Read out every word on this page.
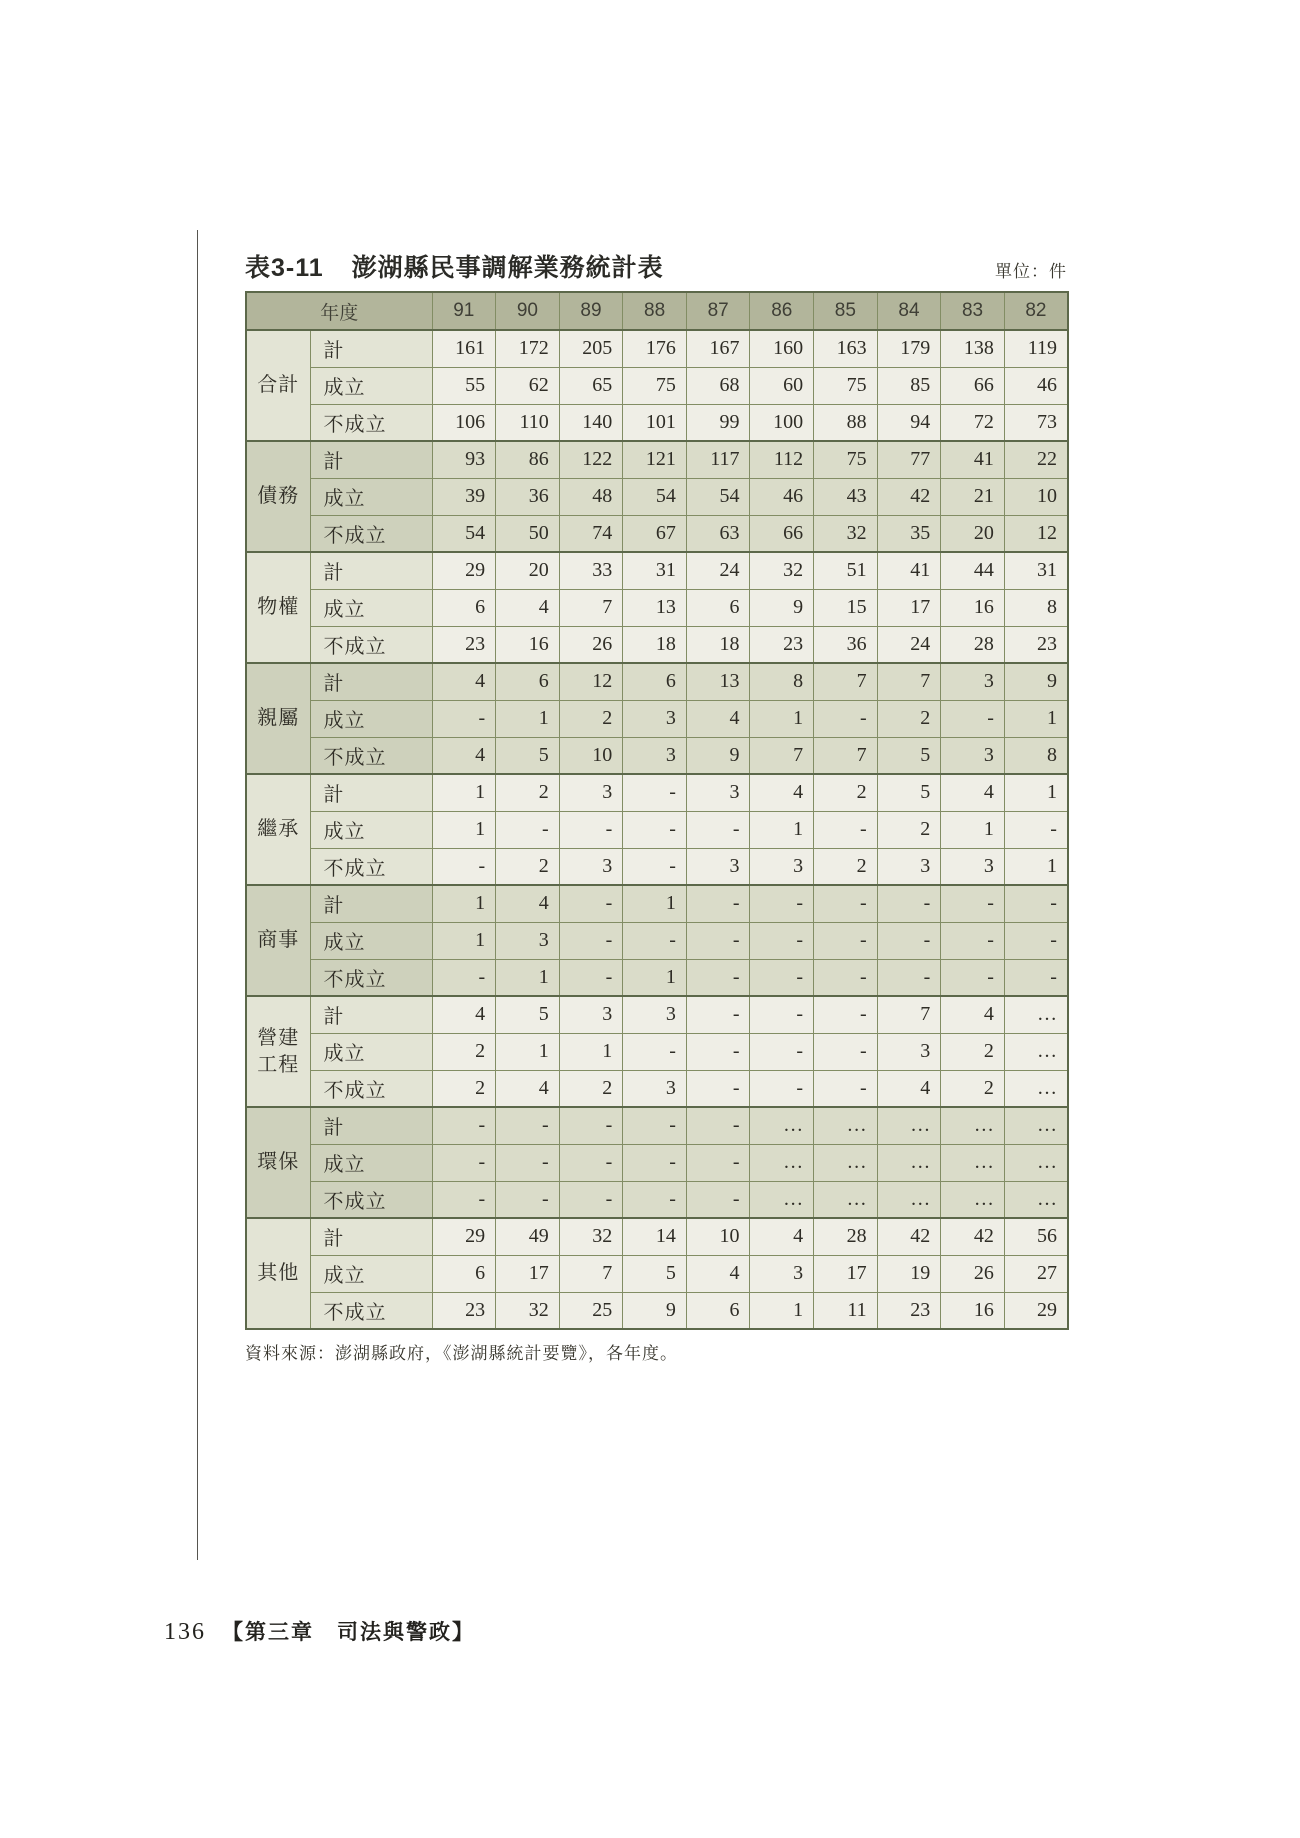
表3-11 澎湖縣民事調解業務統計表	單位：件
年度		91	90	89	88	87	86	85	84	83	82
合計	計	161	172	205	176	167	160	163	179	138	119
	成立	55	62	65	75	68	60	75	85	66	46
	不成立	106	110	140	101	99	100	88	94	72	73
債務	計	93	86	122	121	117	112	75	77	41	22
	成立	39	36	48	54	54	46	43	42	21	10
	不成立	54	50	74	67	63	66	32	35	20	12
物權	計	29	20	33	31	24	32	51	41	44	31
	成立	6	4	7	13	6	9	15	17	16	8
	不成立	23	16	26	18	18	23	36	24	28	23
親屬	計	4	6	12	6	13	8	7	7	3	9
	成立	-	1	2	3	4	1	-	2	-	1
	不成立	4	5	10	3	9	7	7	5	3	8
繼承	計	1	2	3	-	3	4	2	5	4	1
	成立	1	-	-	-	-	1	-	2	1	-
	不成立	-	2	3	-	3	3	2	3	3	1
商事	計	1	4	-	1	-	-	-	-	-	-
	成立	1	3	-	-	-	-	-	-	-	-
	不成立	-	1	-	1	-	-	-	-	-	-
營建工程	計	4	5	3	3	-	-	-	7	4	…
	成立	2	1	1	-	-	-	-	3	2	…
	不成立	2	4	2	3	-	-	-	4	2	…
環保	計	-	-	-	-	-	…	…	…	…	…
	成立	-	-	-	-	-	…	…	…	…	…
	不成立	-	-	-	-	-	…	…	…	…	…
其他	計	29	49	32	14	10	4	28	42	42	56
	成立	6	17	7	5	4	3	17	19	26	27
	不成立	23	32	25	9	6	1	11	23	16	29
資料來源：澎湖縣政府，《澎湖縣統計要覽》，各年度。
136 【第三章　司法與警政】
